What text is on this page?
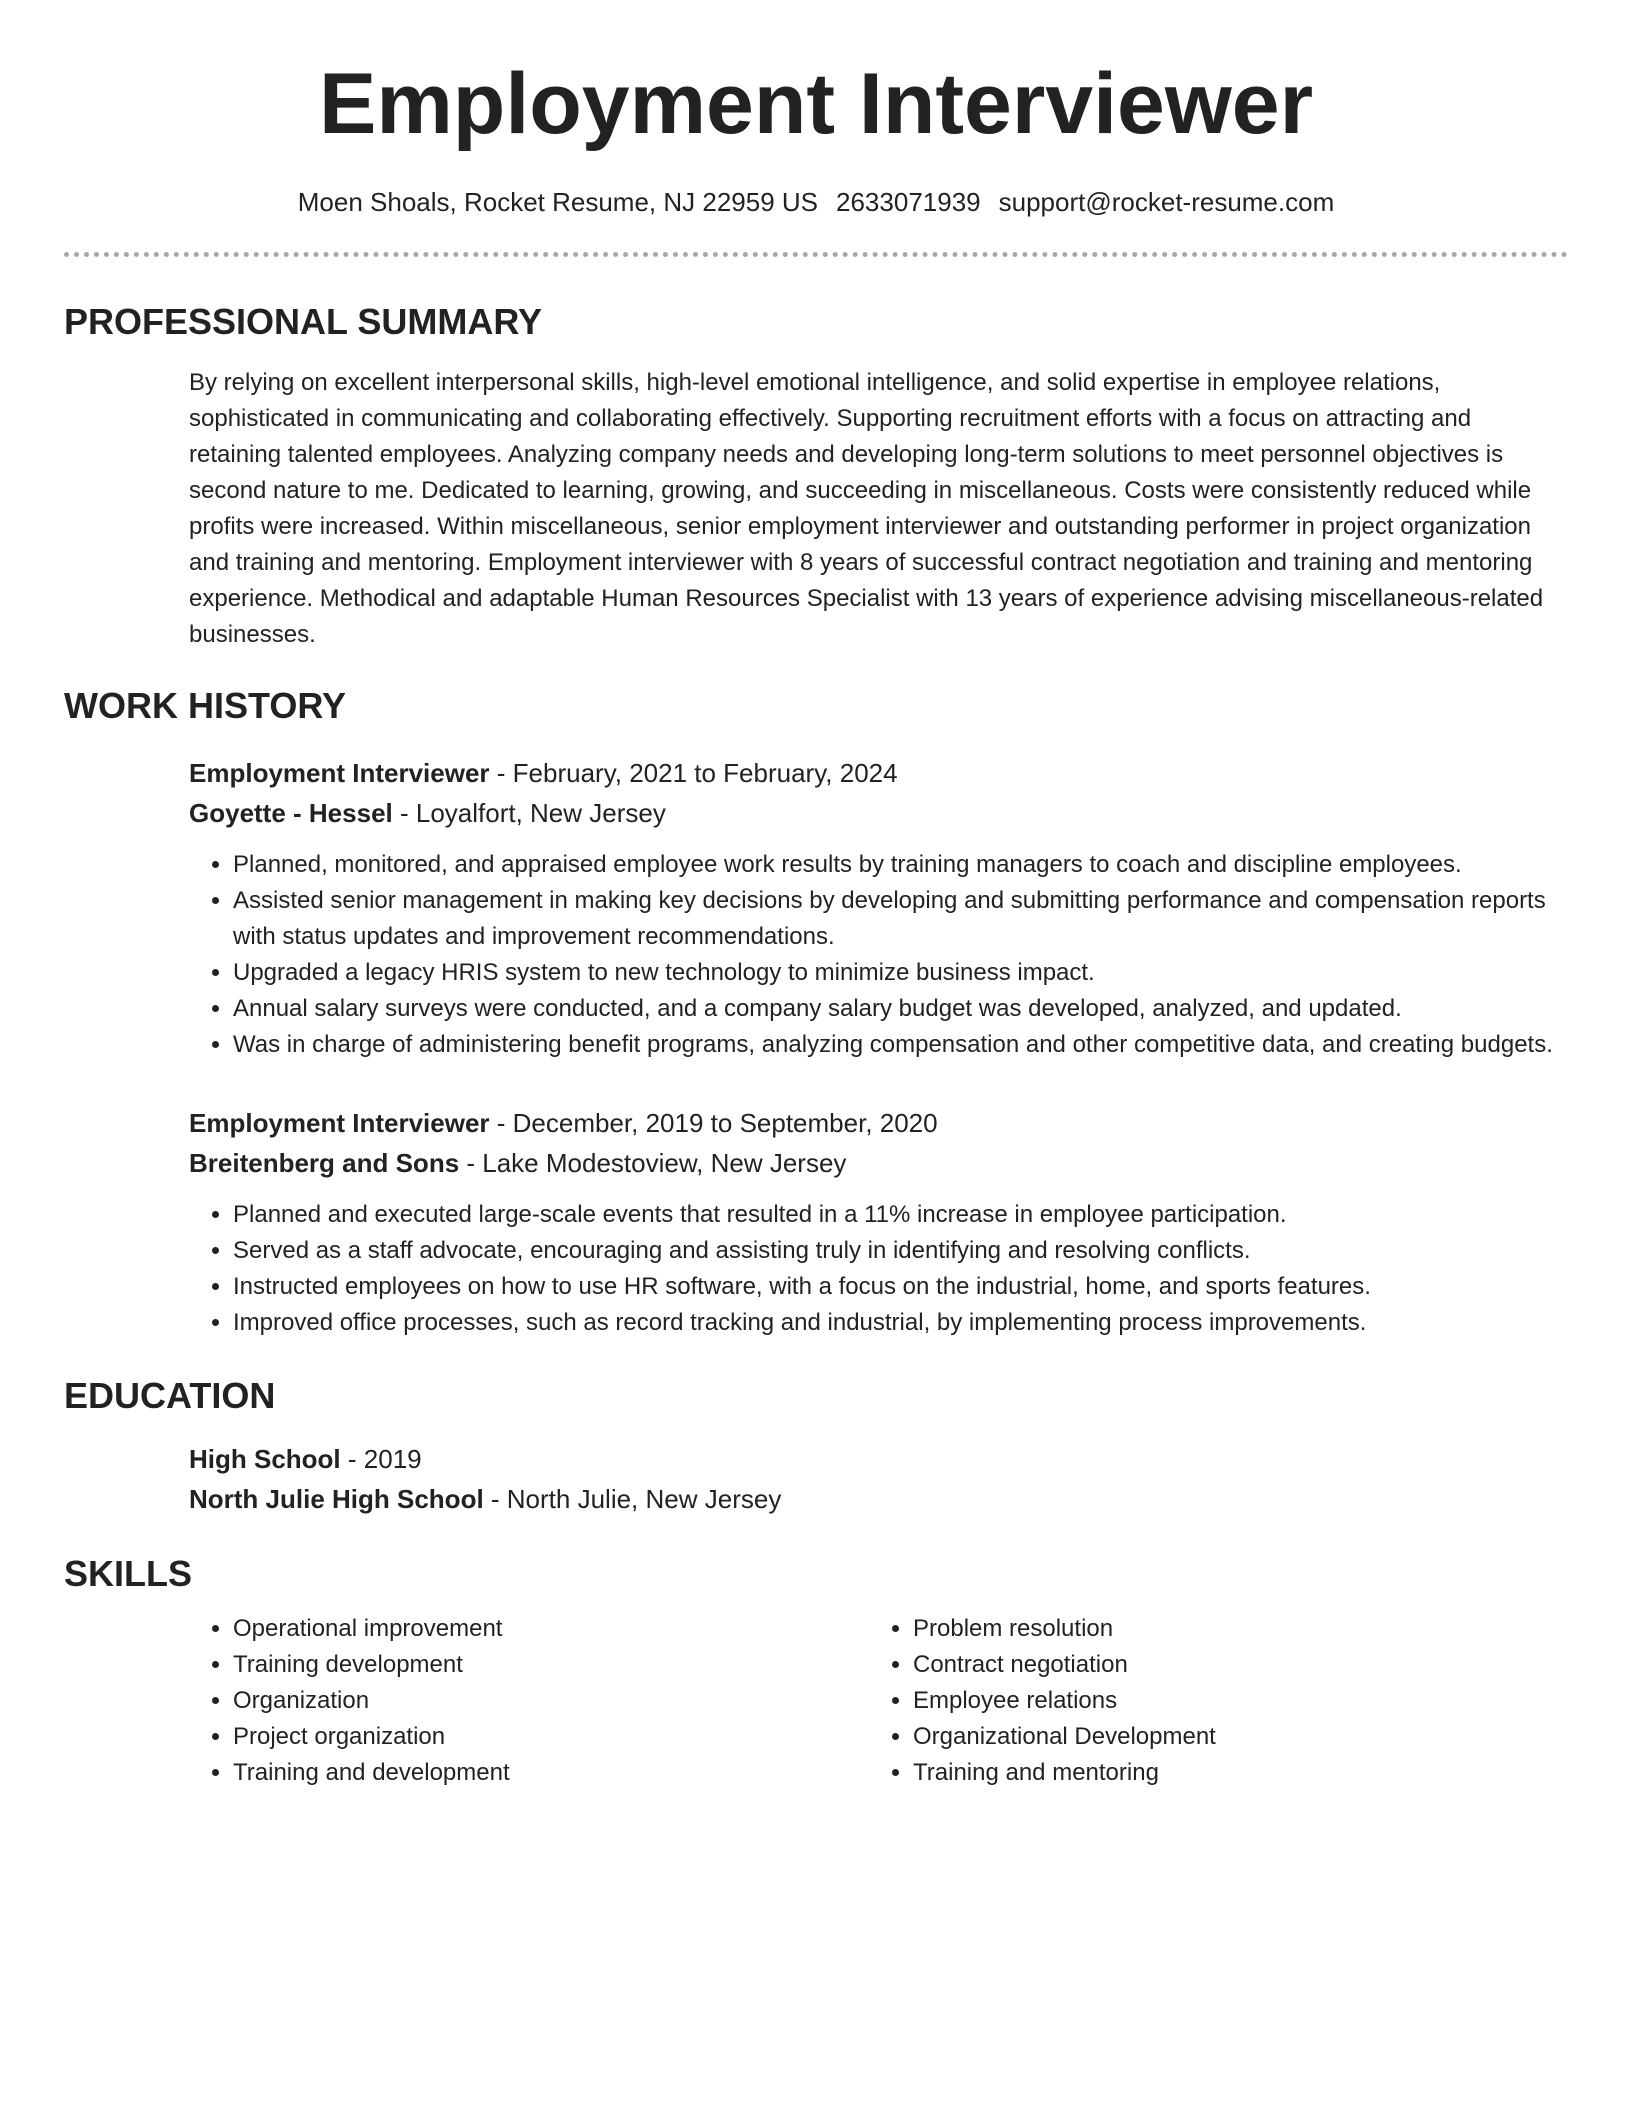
Employment Interviewer
Moen Shoals, Rocket Resume, NJ 22959 US 2633071939 support@rocket-resume.com
PROFESSIONAL SUMMARY
By relying on excellent interpersonal skills, high-level emotional intelligence, and solid expertise in employee relations, sophisticated in communicating and collaborating effectively. Supporting recruitment efforts with a focus on attracting and retaining talented employees. Analyzing company needs and developing long-term solutions to meet personnel objectives is second nature to me. Dedicated to learning, growing, and succeeding in miscellaneous. Costs were consistently reduced while profits were increased. Within miscellaneous, senior employment interviewer and outstanding performer in project organization and training and mentoring. Employment interviewer with 8 years of successful contract negotiation and training and mentoring experience. Methodical and adaptable Human Resources Specialist with 13 years of experience advising miscellaneous-related businesses.
WORK HISTORY
Employment Interviewer - February, 2021 to February, 2024
Goyette - Hessel - Loyalfort, New Jersey
• Planned, monitored, and appraised employee work results by training managers to coach and discipline employees.
• Assisted senior management in making key decisions by developing and submitting performance and compensation reports with status updates and improvement recommendations.
• Upgraded a legacy HRIS system to new technology to minimize business impact.
• Annual salary surveys were conducted, and a company salary budget was developed, analyzed, and updated.
• Was in charge of administering benefit programs, analyzing compensation and other competitive data, and creating budgets.
Employment Interviewer - December, 2019 to September, 2020
Breitenberg and Sons - Lake Modestoview, New Jersey
• Planned and executed large-scale events that resulted in a 11% increase in employee participation.
• Served as a staff advocate, encouraging and assisting truly in identifying and resolving conflicts.
• Instructed employees on how to use HR software, with a focus on the industrial, home, and sports features.
• Improved office processes, such as record tracking and industrial, by implementing process improvements.
EDUCATION
High School - 2019
North Julie High School - North Julie, New Jersey
SKILLS
• Operational improvement
• Training development
• Organization
• Project organization
• Training and development
• Problem resolution
• Contract negotiation
• Employee relations
• Organizational Development
• Training and mentoring
